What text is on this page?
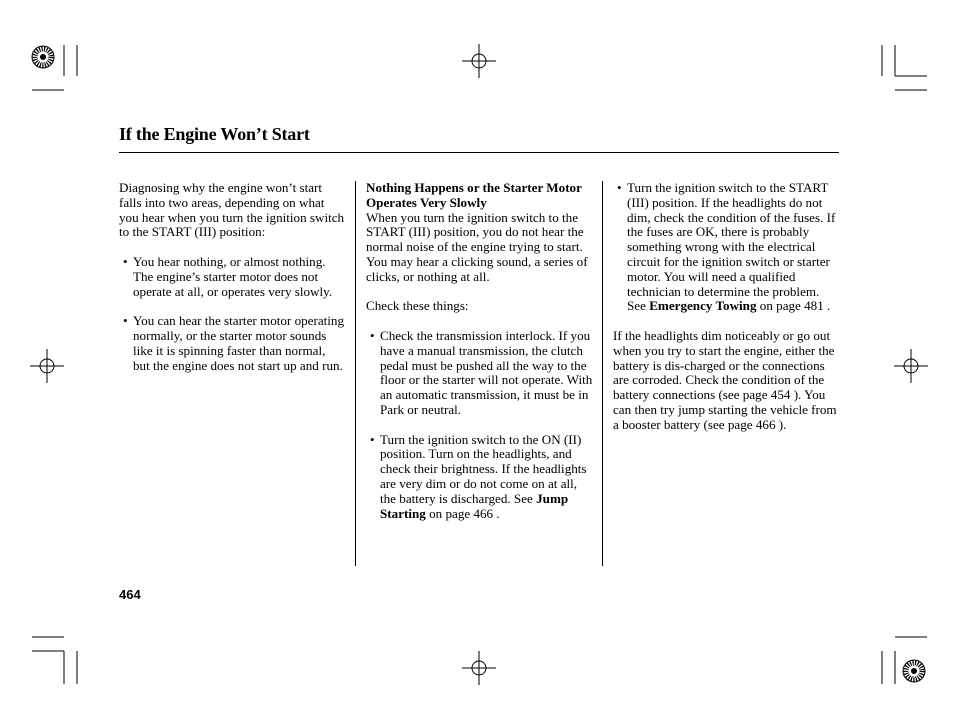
If the Engine Won’t Start

Diagnosing why the engine won’t start falls into two areas, depending on what you hear when you turn the ignition switch to the START (III) position:

• You hear nothing, or almost nothing. The engine’s starter motor does not operate at all, or operates very slowly.
• You can hear the starter motor operating normally, or the starter motor sounds like it is spinning faster than normal, but the engine does not start up and run.

Nothing Happens or the Starter Motor Operates Very Slowly

When you turn the ignition switch to the START (III) position, you do not hear the normal noise of the engine trying to start. You may hear a clicking sound, a series of clicks, or nothing at all.

Check these things:

• Check the transmission interlock. If you have a manual transmission, the clutch pedal must be pushed all the way to the floor or the starter will not operate. With an automatic transmission, it must be in Park or neutral.
• Turn the ignition switch to the ON (II) position. Turn on the headlights, and check their brightness. If the headlights are very dim or do not come on at all, the battery is discharged. See Jump Starting on page 466 .
• Turn the ignition switch to the START (III) position. If the headlights do not dim, check the condition of the fuses. If the fuses are OK, there is probably something wrong with the electrical circuit for the ignition switch or starter motor. You will need a qualified technician to determine the problem. See Emergency Towing on page 481 .

If the headlights dim noticeably or go out when you try to start the engine, either the battery is dis-charged or the connections are corroded. Check the condition of the battery connections (see page 454 ). You can then try jump starting the vehicle from a booster battery (see page 466 ).

464
